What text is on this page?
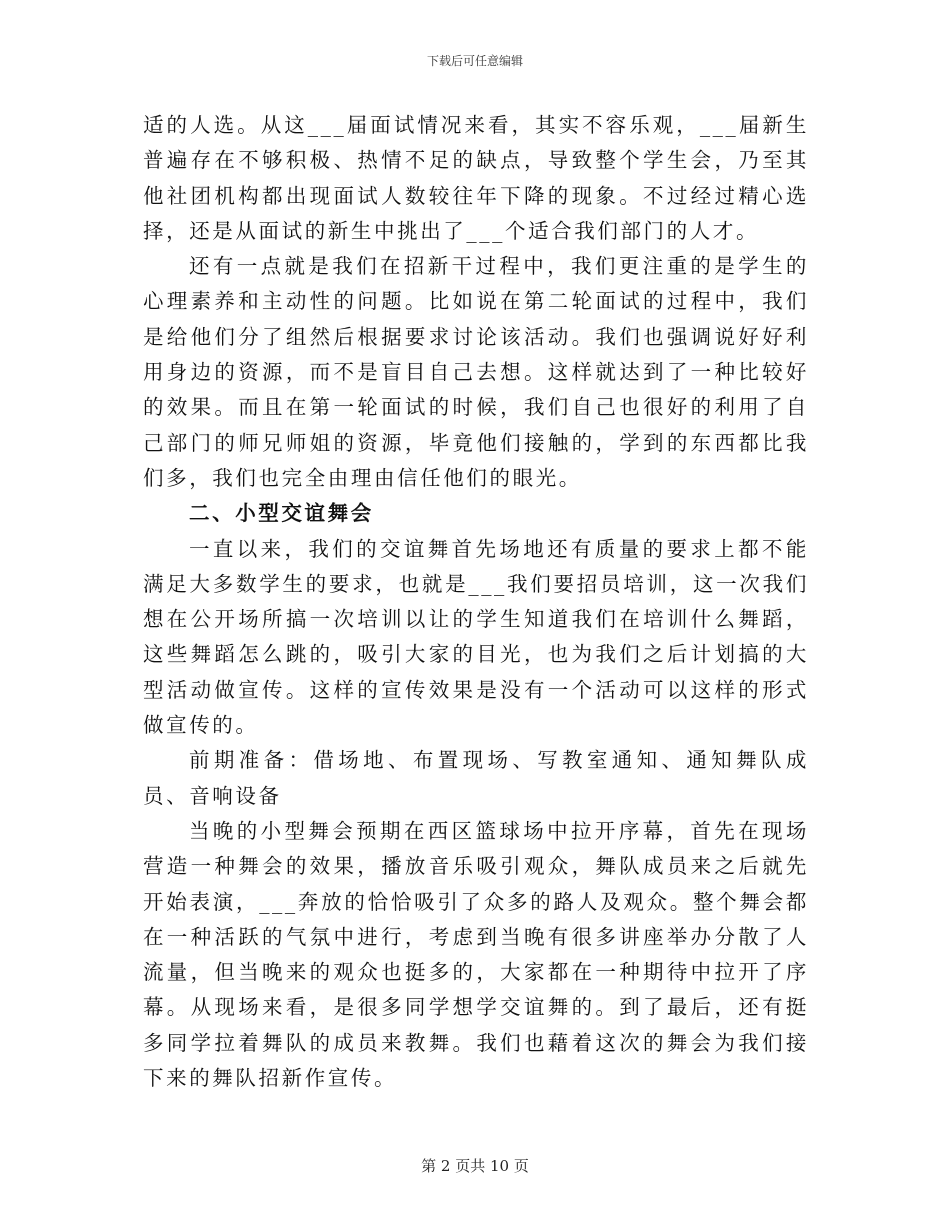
下载后可任意编辑

适的人选。从这___届面试情况来看，其实不容乐观，___届新生普遍存在不够积极、热情不足的缺点，导致整个学生会，乃至其他社团机构都出现面试人数较往年下降的现象。不过经过精心选择，还是从面试的新生中挑出了___个适合我们部门的人才。

还有一点就是我们在招新干过程中，我们更注重的是学生的心理素养和主动性的问题。比如说在第二轮面试的过程中，我们是给他们分了组然后根据要求讨论该活动。我们也强调说好好利用身边的资源，而不是盲目自己去想。这样就达到了一种比较好的效果。而且在第一轮面试的时候，我们自己也很好的利用了自己部门的师兄师姐的资源，毕竟他们接触的，学到的东西都比我们多，我们也完全由理由信任他们的眼光。

二、小型交谊舞会

一直以来，我们的交谊舞首先场地还有质量的要求上都不能满足大多数学生的要求，也就是___我们要招员培训，这一次我们想在公开场所搞一次培训以让的学生知道我们在培训什么舞蹈，这些舞蹈怎么跳的，吸引大家的目光，也为我们之后计划搞的大型活动做宣传。这样的宣传效果是没有一个活动可以这样的形式做宣传的。

前期准备：借场地、布置现场、写教室通知、通知舞队成员、音响设备

当晚的小型舞会预期在西区篮球场中拉开序幕，首先在现场营造一种舞会的效果，播放音乐吸引观众，舞队成员来之后就先开始表演，___奔放的恰恰吸引了众多的路人及观众。整个舞会都在一种活跃的气氛中进行，考虑到当晚有很多讲座举办分散了人流量，但当晚来的观众也挺多的，大家都在一种期待中拉开了序幕。从现场来看，是很多同学想学交谊舞的。到了最后，还有挺多同学拉着舞队的成员来教舞。我们也藉着这次的舞会为我们接下来的舞队招新作宣传。

第 2 页共 10 页
